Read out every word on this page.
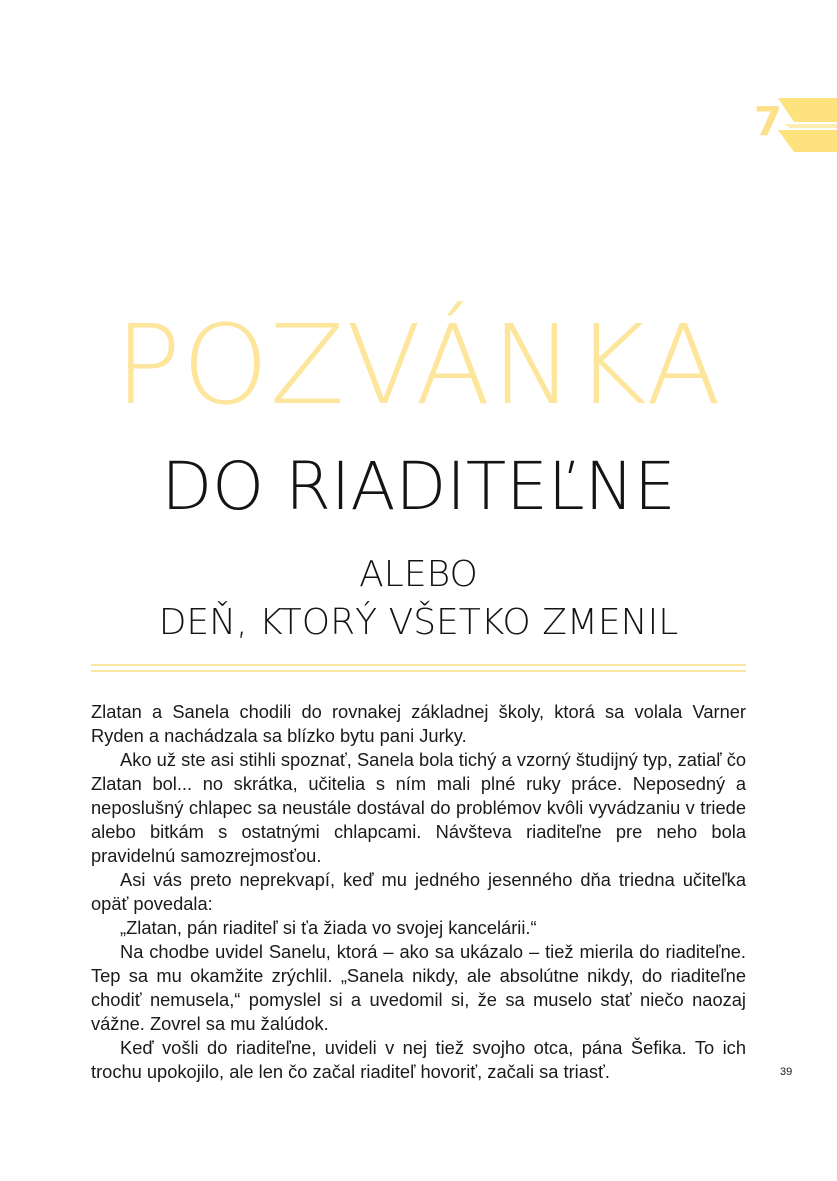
7
POZVÁNKA
DO RIADITEĽNE
ALEBO
DEŇ, KTORÝ VŠETKO ZMENIL

Zlatan a Sanela chodili do rovnakej základnej školy, ktorá sa volala Varner Ryden a nachádzala sa blízko bytu pani Jurky.

Ako už ste asi stihli spoznať, Sanela bola tichý a vzorný študijný typ, zatiaľ čo Zlatan bol... no skrátka, učitelia s ním mali plné ruky práce. Neposedný a neposlušný chlapec sa neustále dostával do problémov kvôli vyvádzaniu v triede alebo bitkám s ostatnými chlapcami. Návšteva riaditeľne pre neho bola pravidelnú samozrejmosťou.

Asi vás preto neprekvapí, keď mu jedného jesenného dňa triedna učiteľka opäť povedala:

„Zlatan, pán riaditeľ si ťa žiada vo svojej kancelárii.“

Na chodbe uvidel Sanelu, ktorá – ako sa ukázalo – tiež mierila do riaditeľne. Tep sa mu okamžite zrýchlil. „Sanela nikdy, ale absolútne nikdy, do riaditeľne chodiť nemusela,“ pomyslel si a uvedomil si, že sa muselo stať niečo naozaj vážne. Zovrel sa mu žalúdok.

Keď vošli do riaditeľne, uvideli v nej tiež svojho otca, pána Šefika. To ich trochu upokojilo, ale len čo začal riaditeľ hovoriť, začali sa triasť.	39
